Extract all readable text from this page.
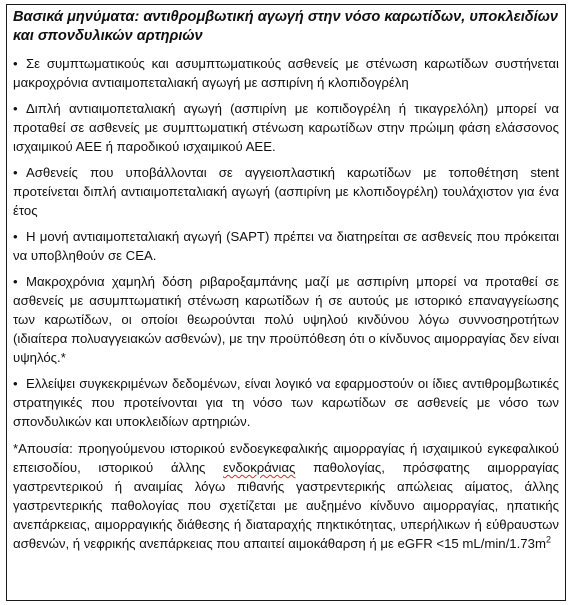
Βασικά μηνύματα: αντιθρομβωτική αγωγή στην νόσο καρωτίδων, υποκλειδίων και σπονδυλικών αρτηριών
• Σε συμπτωματικούς και ασυμπτωματικούς ασθενείς με στένωση καρωτίδων συστήνεται μακροχρόνια αντιαιμοπεταλιακή αγωγή με ασπιρίνη ή κλοπιδογρέλη
• Διπλή αντιαιμοπεταλιακή αγωγή (ασπιρίνη με κοπιδογρέλη ή τικαγρελόλη) μπορεί να προταθεί σε ασθενείς με συμπτωματική στένωση καρωτίδων στην πρώιμη φάση ελάσσονος ισχαιμικού ΑΕΕ ή παροδικού ισχαιμικού ΑΕΕ.
• Ασθενείς που υποβάλλονται σε αγγειοπλαστική καρωτίδων με τοποθέτηση stent προτείνεται διπλή αντιαιμοπεταλιακή αγωγή (ασπιρίνη με κλοπιδογρέλη) τουλάχιστον για ένα έτος
• Η μονή αντιαιμοπεταλιακή αγωγή (SAPT) πρέπει να διατηρείται σε ασθενείς που πρόκειται να υποβληθούν σε CEA.
• Μακροχρόνια χαμηλή δόση ριβαροξαμπάνης μαζί με ασπιρίνη μπορεί να προταθεί σε ασθενείς με ασυμπτωματική στένωση καρωτίδων ή σε αυτούς με ιστορικό επαναγγείωσης των καρωτίδων, οι οποίοι θεωρούνται πολύ υψηλού κινδύνου λόγω συννοσηροτήτων (ιδιαίτερα πολυαγγειακών ασθενών), με την προϋπόθεση ότι ο κίνδυνος αιμορραγίας δεν είναι υψηλός.*
• Ελλείψει συγκεκριμένων δεδομένων, είναι λογικό να εφαρμοστούν οι ίδιες αντιθρομβωτικές στρατηγικές που προτείνονται για τη νόσο των καρωτίδων σε ασθενείς με νόσο των σπονδυλικών και υποκλειδίων αρτηριών.
*Απουσία: προηγούμενου ιστορικού ενδοεγκεφαλικής αιμορραγίας ή ισχαιμικού εγκεφαλικού επεισοδίου, ιστορικού άλλης ενδοκράνιας παθολογίας, πρόσφατης αιμορραγίας γαστρεντερικού ή αναιμίας λόγω πιθανής γαστρεντερικής απώλειας αίματος, άλλης γαστρεντερικής παθολογίας που σχετίζεται με αυξημένο κίνδυνο αιμορραγίας, ηπατικής ανεπάρκειας, αιμορραγικής διάθεσης ή διαταραχής πηκτικότητας, υπερήλικων ή εύθραυστων ασθενών, ή νεφρικής ανεπάρκειας που απαιτεί αιμοκάθαρση ή με eGFR <15 $mL/\min/1.73m^2$
